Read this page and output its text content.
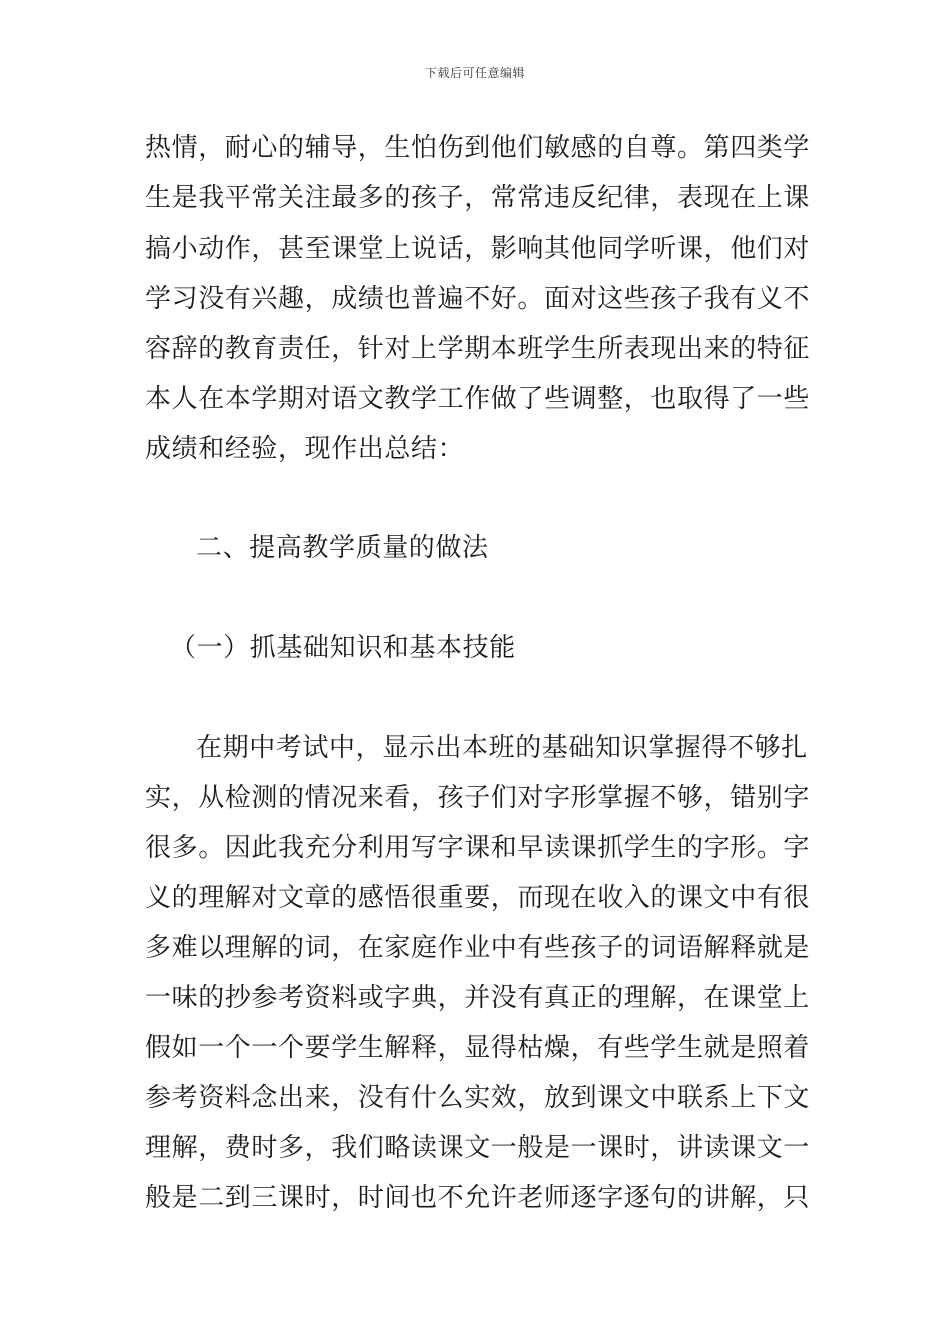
下载后可任意编辑
热情，耐心的辅导，生怕伤到他们敏感的自尊。第四类学
生是我平常关注最多的孩子，常常违反纪律，表现在上课
搞小动作，甚至课堂上说话，影响其他同学听课，他们对
学习没有兴趣，成绩也普遍不好。面对这些孩子我有义不
容辞的教育责任，针对上学期本班学生所表现出来的特征
本人在本学期对语文教学工作做了些调整，也取得了一些
成绩和经验，现作出总结：
二、提高教学质量的做法
（一）抓基础知识和基本技能
在期中考试中，显示出本班的基础知识掌握得不够扎
实，从检测的情况来看，孩子们对字形掌握不够，错别字
很多。因此我充分利用写字课和早读课抓学生的字形。字
义的理解对文章的感悟很重要，而现在收入的课文中有很
多难以理解的词，在家庭作业中有些孩子的词语解释就是
一味的抄参考资料或字典，并没有真正的理解，在课堂上
假如一个一个要学生解释，显得枯燥，有些学生就是照着
参考资料念出来，没有什么实效，放到课文中联系上下文
理解，费时多，我们略读课文一般是一课时，讲读课文一
般是二到三课时，时间也不允许老师逐字逐句的讲解，只
